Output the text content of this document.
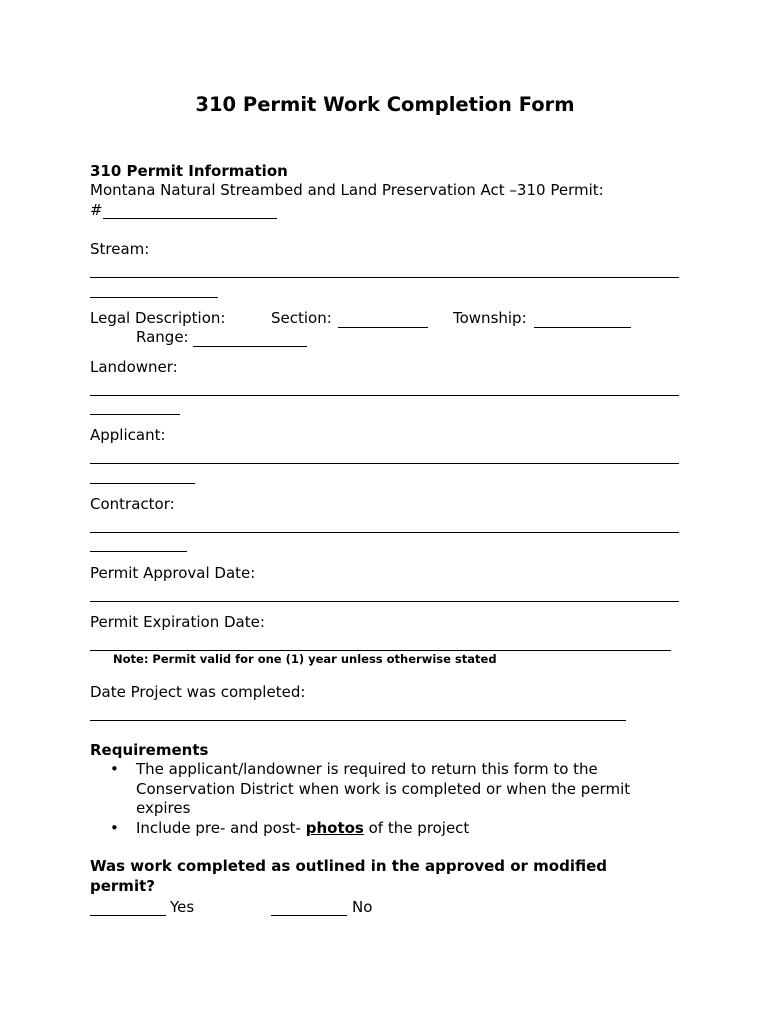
310 Permit Work Completion Form
310 Permit Information
Montana Natural Streambed and Land Preservation Act –310 Permit:
#
Stream:
Legal Description:	Section:	Township:
Range:
Landowner:
Applicant:
Contractor:
Permit Approval Date:
Permit Expiration Date:
Note: Permit valid for one (1) year unless otherwise stated
Date Project was completed:
Requirements
• The applicant/landowner is required to return this form to the Conservation District when work is completed or when the permit expires
• Include pre- and post- photos of the project
Was work completed as outlined in the approved or modified permit?
Yes	No
